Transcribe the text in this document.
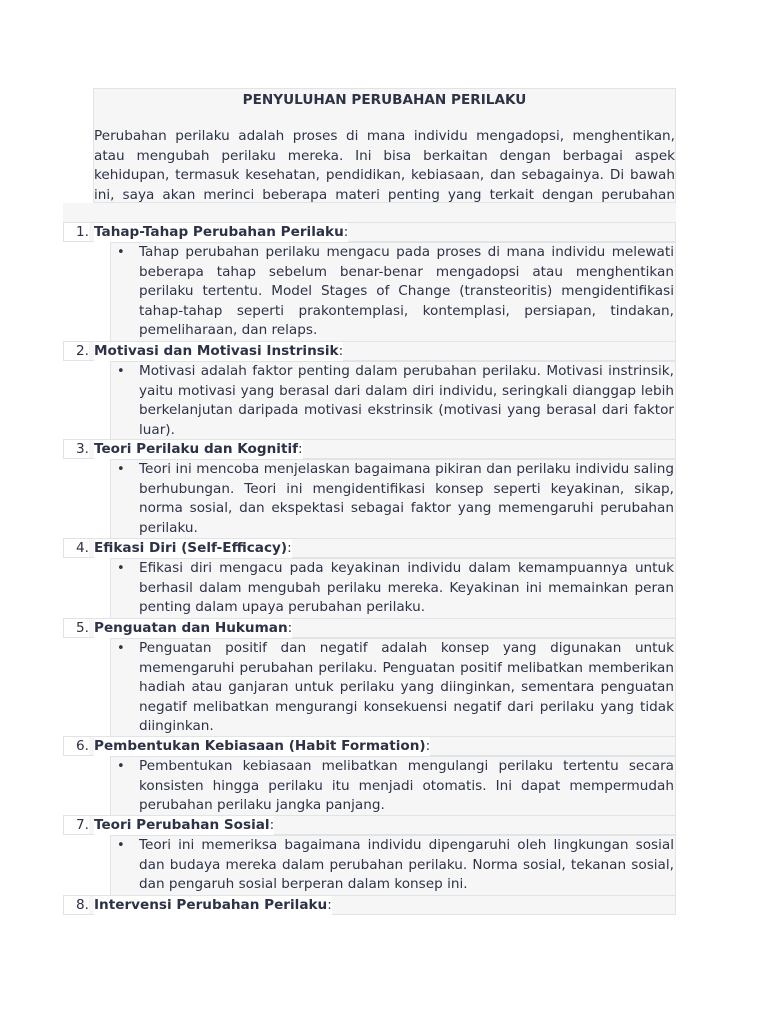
PENYULUHAN PERUBAHAN PERILAKU
Perubahan perilaku adalah proses di mana individu mengadopsi, menghentikan, atau mengubah perilaku mereka. Ini bisa berkaitan dengan berbagai aspek kehidupan, termasuk kesehatan, pendidikan, kebiasaan, dan sebagainya. Di bawah ini, saya akan merinci beberapa materi penting yang terkait dengan perubahan
1. Tahap-Tahap Perubahan Perilaku:
• Tahap perubahan perilaku mengacu pada proses di mana individu melewati beberapa tahap sebelum benar-benar mengadopsi atau menghentikan perilaku tertentu. Model Stages of Change (transteoritis) mengidentifikasi tahap-tahap seperti prakontemplasi, kontemplasi, persiapan, tindakan, pemeliharaan, dan relaps.
2. Motivasi dan Motivasi Instrinsik:
• Motivasi adalah faktor penting dalam perubahan perilaku. Motivasi instrinsik, yaitu motivasi yang berasal dari dalam diri individu, seringkali dianggap lebih berkelanjutan daripada motivasi ekstrinsik (motivasi yang berasal dari faktor luar).
3. Teori Perilaku dan Kognitif:
• Teori ini mencoba menjelaskan bagaimana pikiran dan perilaku individu saling berhubungan. Teori ini mengidentifikasi konsep seperti keyakinan, sikap, norma sosial, dan ekspektasi sebagai faktor yang memengaruhi perubahan perilaku.
4. Efikasi Diri (Self-Efficacy):
• Efikasi diri mengacu pada keyakinan individu dalam kemampuannya untuk berhasil dalam mengubah perilaku mereka. Keyakinan ini memainkan peran penting dalam upaya perubahan perilaku.
5. Penguatan dan Hukuman:
• Penguatan positif dan negatif adalah konsep yang digunakan untuk memengaruhi perubahan perilaku. Penguatan positif melibatkan memberikan hadiah atau ganjaran untuk perilaku yang diinginkan, sementara penguatan negatif melibatkan mengurangi konsekuensi negatif dari perilaku yang tidak diinginkan.
6. Pembentukan Kebiasaan (Habit Formation):
• Pembentukan kebiasaan melibatkan mengulangi perilaku tertentu secara konsisten hingga perilaku itu menjadi otomatis. Ini dapat mempermudah perubahan perilaku jangka panjang.
7. Teori Perubahan Sosial:
• Teori ini memeriksa bagaimana individu dipengaruhi oleh lingkungan sosial dan budaya mereka dalam perubahan perilaku. Norma sosial, tekanan sosial, dan pengaruh sosial berperan dalam konsep ini.
8. Intervensi Perubahan Perilaku:
